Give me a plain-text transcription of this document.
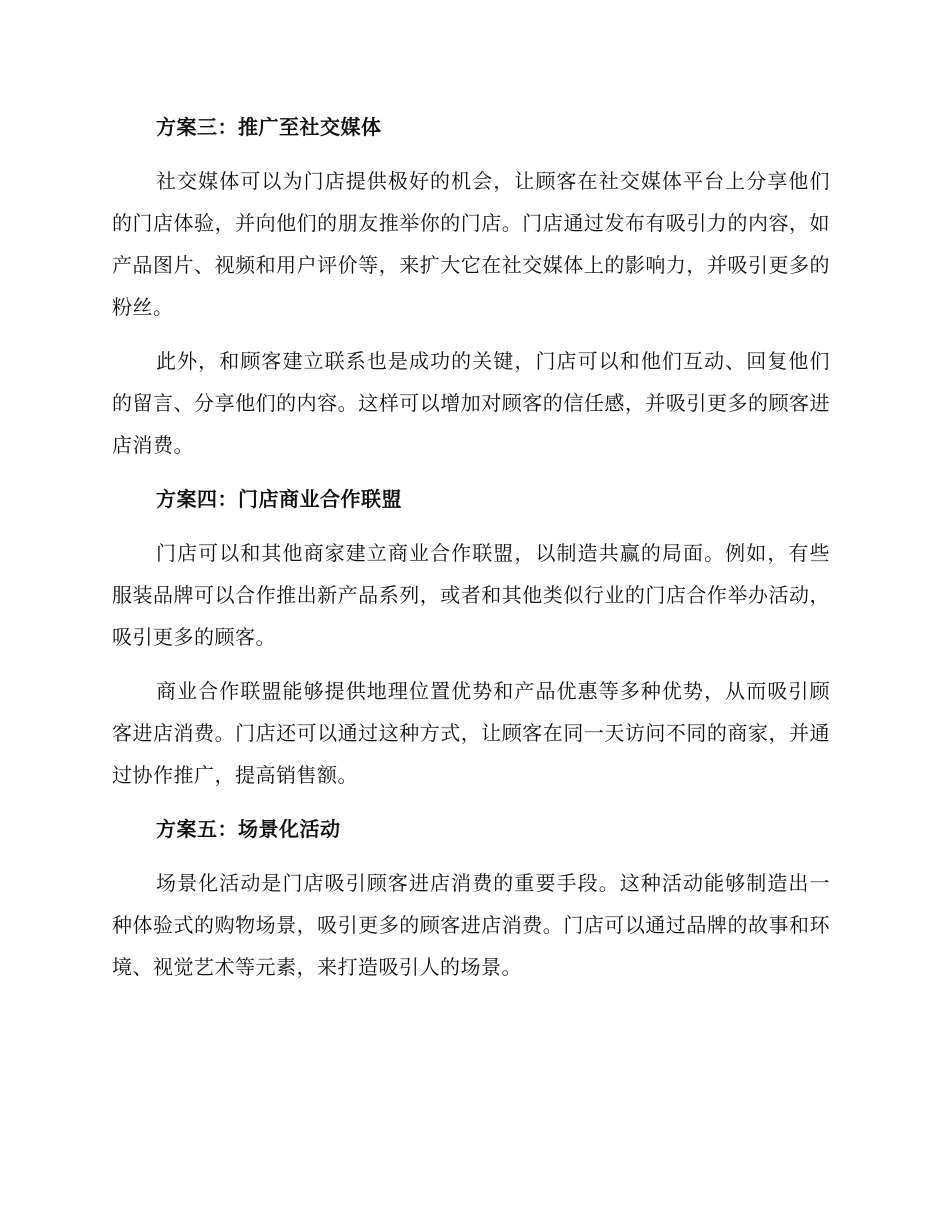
方案三：推广至社交媒体

社交媒体可以为门店提供极好的机会，让顾客在社交媒体平台上分享他们的门店体验，并向他们的朋友推举你的门店。门店通过发布有吸引力的内容，如产品图片、视频和用户评价等，来扩大它在社交媒体上的影响力，并吸引更多的粉丝。

此外，和顾客建立联系也是成功的关键，门店可以和他们互动、回复他们的留言、分享他们的内容。这样可以增加对顾客的信任感，并吸引更多的顾客进店消费。

方案四：门店商业合作联盟

门店可以和其他商家建立商业合作联盟，以制造共赢的局面。例如，有些服装品牌可以合作推出新产品系列，或者和其他类似行业的门店合作举办活动，吸引更多的顾客。

商业合作联盟能够提供地理位置优势和产品优惠等多种优势，从而吸引顾客进店消费。门店还可以通过这种方式，让顾客在同一天访问不同的商家，并通过协作推广，提高销售额。

方案五：场景化活动

场景化活动是门店吸引顾客进店消费的重要手段。这种活动能够制造出一种体验式的购物场景，吸引更多的顾客进店消费。门店可以通过品牌的故事和环境、视觉艺术等元素，来打造吸引人的场景。
